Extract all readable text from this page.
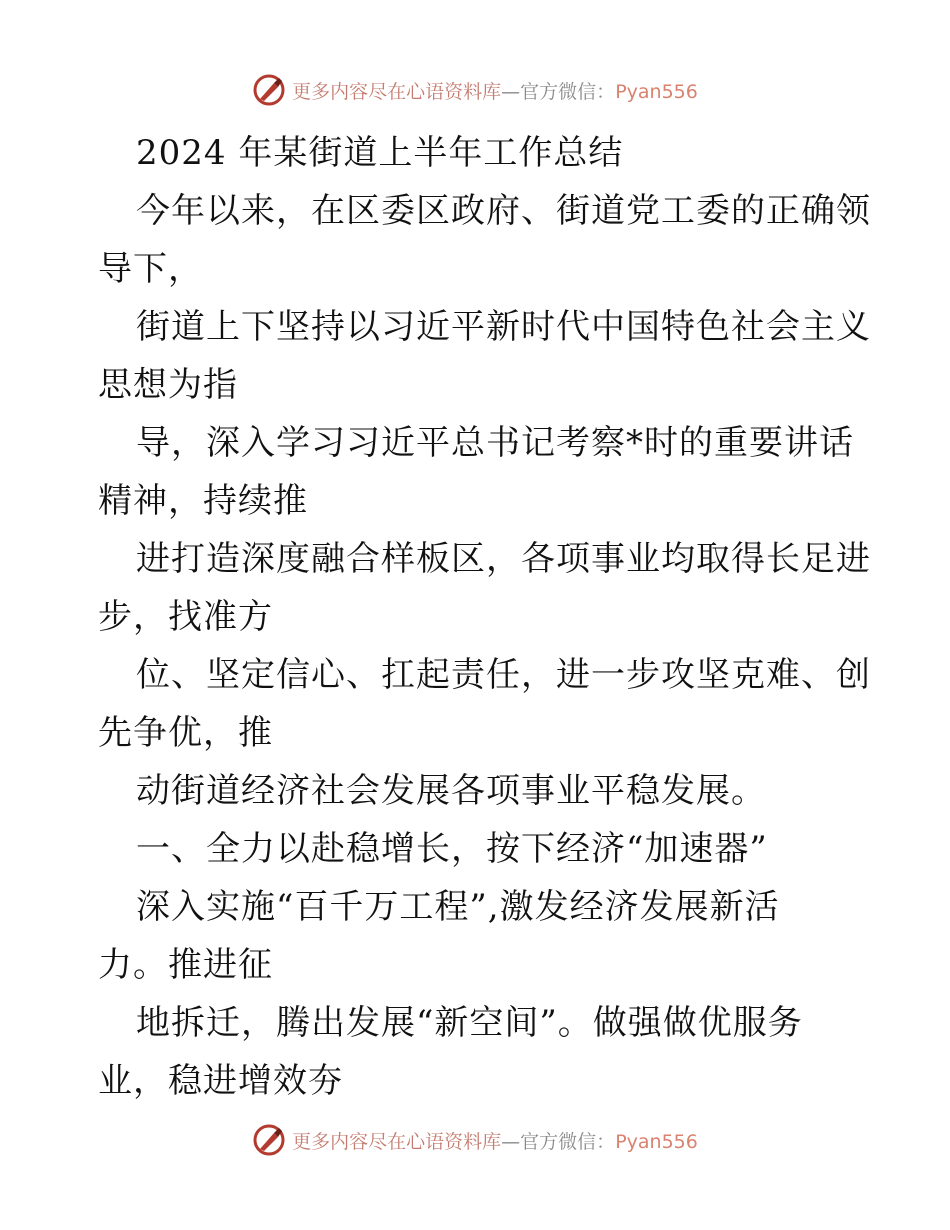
更多内容尽在心语资料库—官方微信：Pyan556
2024 年某街道上半年工作总结
今年以来，在区委区政府、街道党工委的正确领
导下，
街道上下坚持以习近平新时代中国特色社会主义
思想为指
导，深入学习习近平总书记考察*时的重要讲话
精神，持续推
进打造深度融合样板区，各项事业均取得长足进
步，找准方
位、坚定信心、扛起责任，进一步攻坚克难、创
先争优，推
动街道经济社会发展各项事业平稳发展。
一、全力以赴稳增长，按下经济“加速器”
深入实施“百千万工程”,激发经济发展新活
力。推进征
地拆迁，腾出发展“新空间”。做强做优服务
业，稳进增效夯
更多内容尽在心语资料库—官方微信：Pyan556
